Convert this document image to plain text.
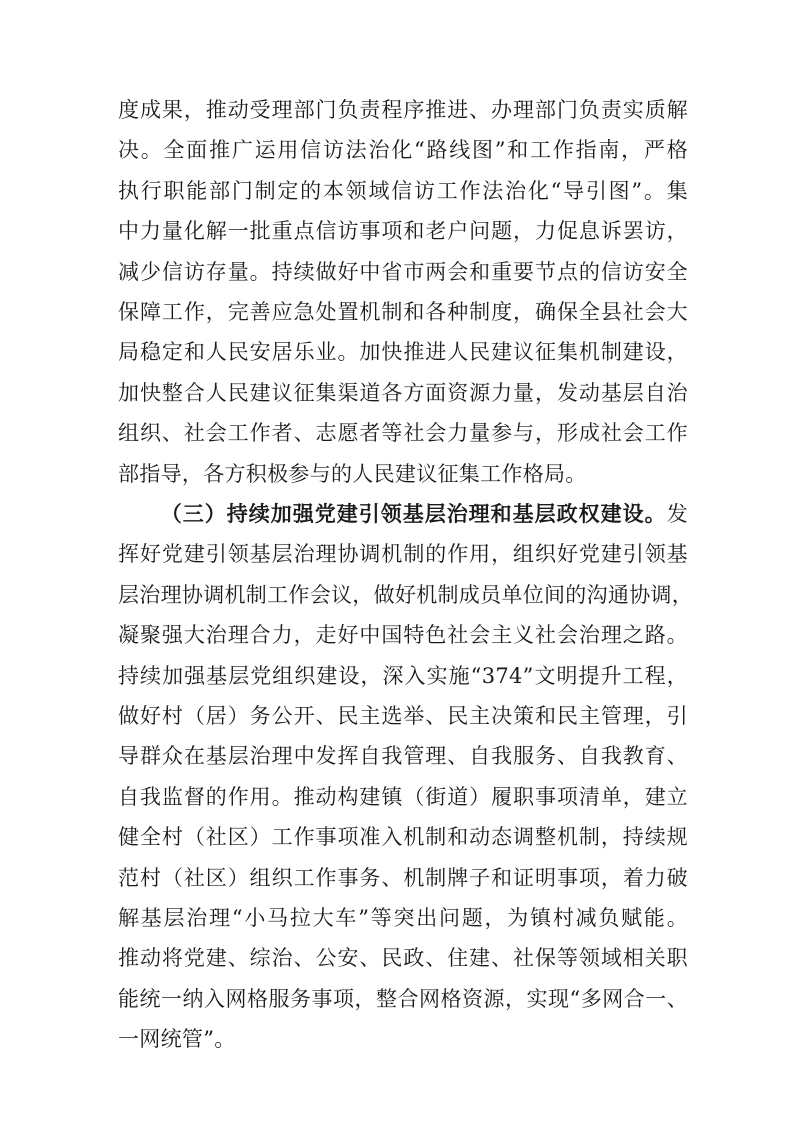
度成果，推动受理部门负责程序推进、办理部门负责实质解
决。全面推广运用信访法治化“路线图”和工作指南，严格
执行职能部门制定的本领域信访工作法治化“导引图”。集
中力量化解一批重点信访事项和老户问题，力促息诉罢访，
减少信访存量。持续做好中省市两会和重要节点的信访安全
保障工作，完善应急处置机制和各种制度，确保全县社会大
局稳定和人民安居乐业。加快推进人民建议征集机制建设，
加快整合人民建议征集渠道各方面资源力量，发动基层自治
组织、社会工作者、志愿者等社会力量参与，形成社会工作
部指导，各方积极参与的人民建议征集工作格局。
（三）持续加强党建引领基层治理和基层政权建设。发
挥好党建引领基层治理协调机制的作用，组织好党建引领基
层治理协调机制工作会议，做好机制成员单位间的沟通协调，
凝聚强大治理合力，走好中国特色社会主义社会治理之路。
持续加强基层党组织建设，深入实施“374”文明提升工程，
做好村（居）务公开、民主选举、民主决策和民主管理，引
导群众在基层治理中发挥自我管理、自我服务、自我教育、
自我监督的作用。推动构建镇（街道）履职事项清单，建立
健全村（社区）工作事项准入机制和动态调整机制，持续规
范村（社区）组织工作事务、机制牌子和证明事项，着力破
解基层治理“小马拉大车”等突出问题，为镇村减负赋能。
推动将党建、综治、公安、民政、住建、社保等领域相关职
能统一纳入网格服务事项，整合网格资源，实现“多网合一、
一网统管”。
